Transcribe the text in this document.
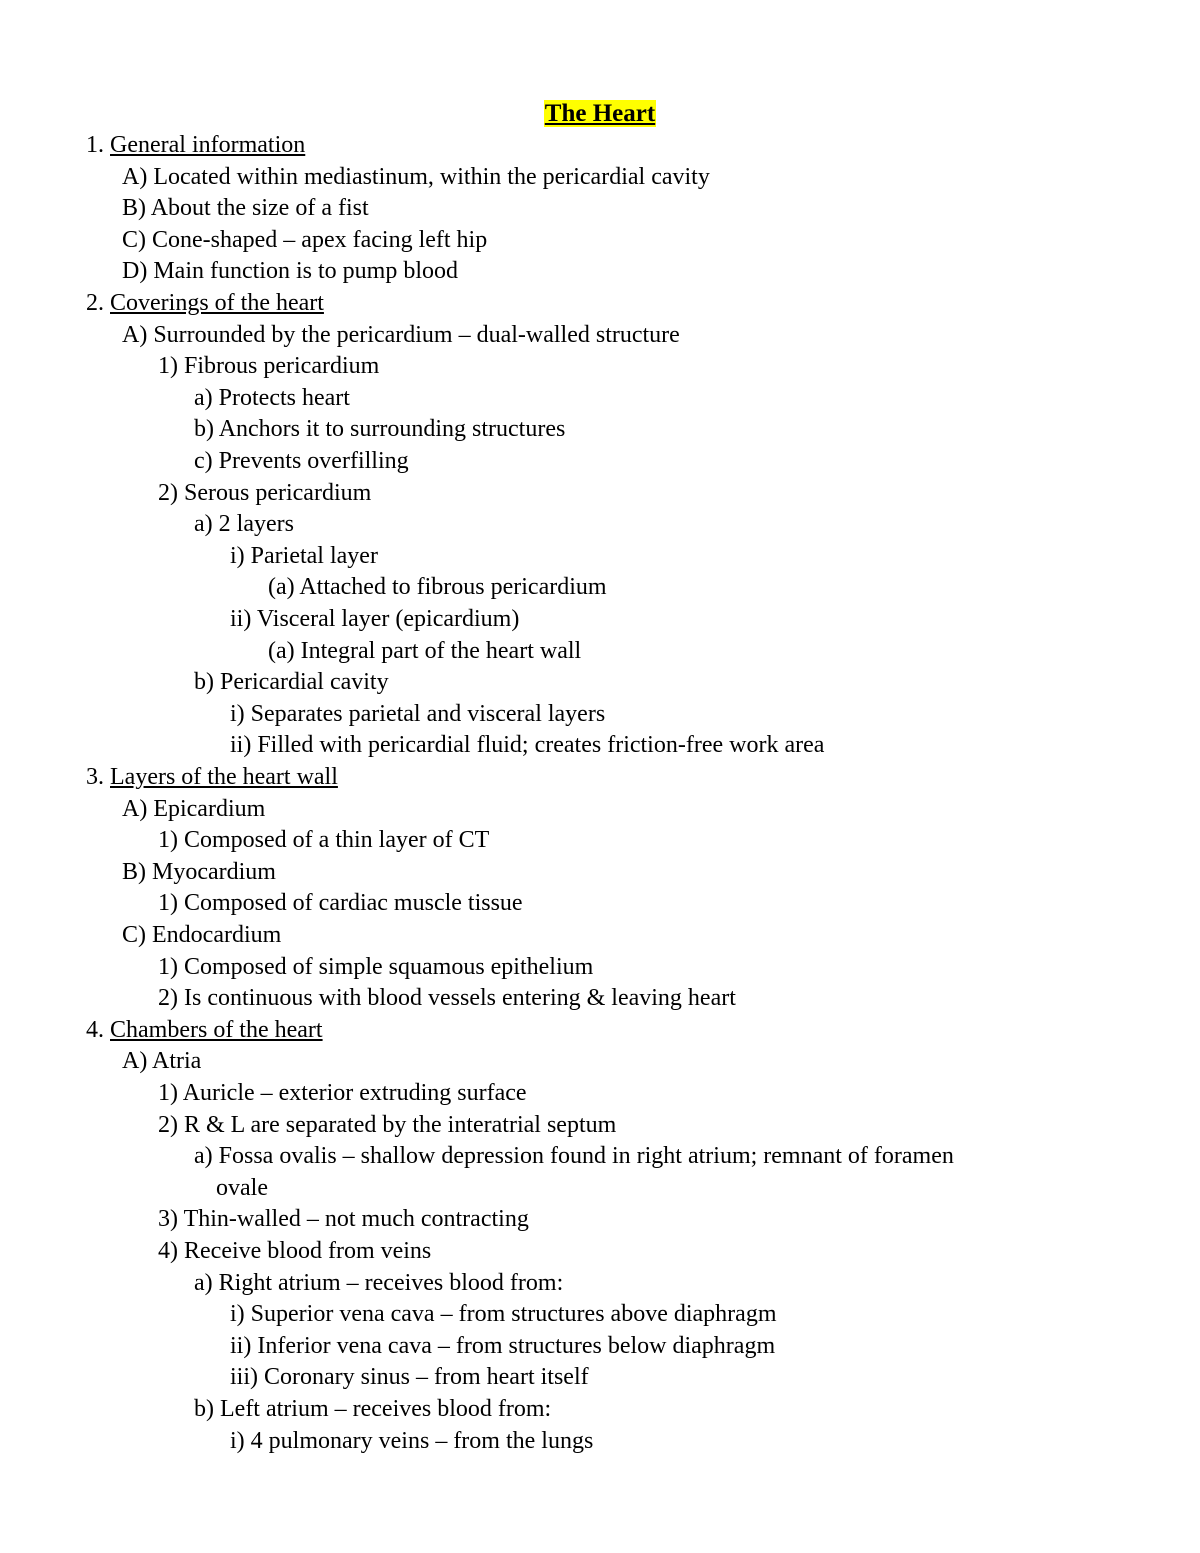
The Heart
1. General information
A) Located within mediastinum, within the pericardial cavity
B) About the size of a fist
C) Cone-shaped – apex facing left hip
D) Main function is to pump blood
2. Coverings of the heart
A) Surrounded by the pericardium – dual-walled structure
1) Fibrous pericardium
a) Protects heart
b) Anchors it to surrounding structures
c) Prevents overfilling
2) Serous pericardium
a) 2 layers
i) Parietal layer
(a) Attached to fibrous pericardium
ii) Visceral layer (epicardium)
(a) Integral part of the heart wall
b) Pericardial cavity
i) Separates parietal and visceral layers
ii) Filled with pericardial fluid; creates friction-free work area
3. Layers of the heart wall
A) Epicardium
1) Composed of a thin layer of CT
B) Myocardium
1) Composed of cardiac muscle tissue
C) Endocardium
1) Composed of simple squamous epithelium
2) Is continuous with blood vessels entering & leaving heart
4. Chambers of the heart
A) Atria
1) Auricle – exterior extruding surface
2) R & L are separated by the interatrial septum
a) Fossa ovalis – shallow depression found in right atrium; remnant of foramen
ovale
3) Thin-walled – not much contracting
4) Receive blood from veins
a) Right atrium – receives blood from:
i) Superior vena cava – from structures above diaphragm
ii) Inferior vena cava – from structures below diaphragm
iii) Coronary sinus – from heart itself
b) Left atrium – receives blood from:
i) 4 pulmonary veins – from the lungs
